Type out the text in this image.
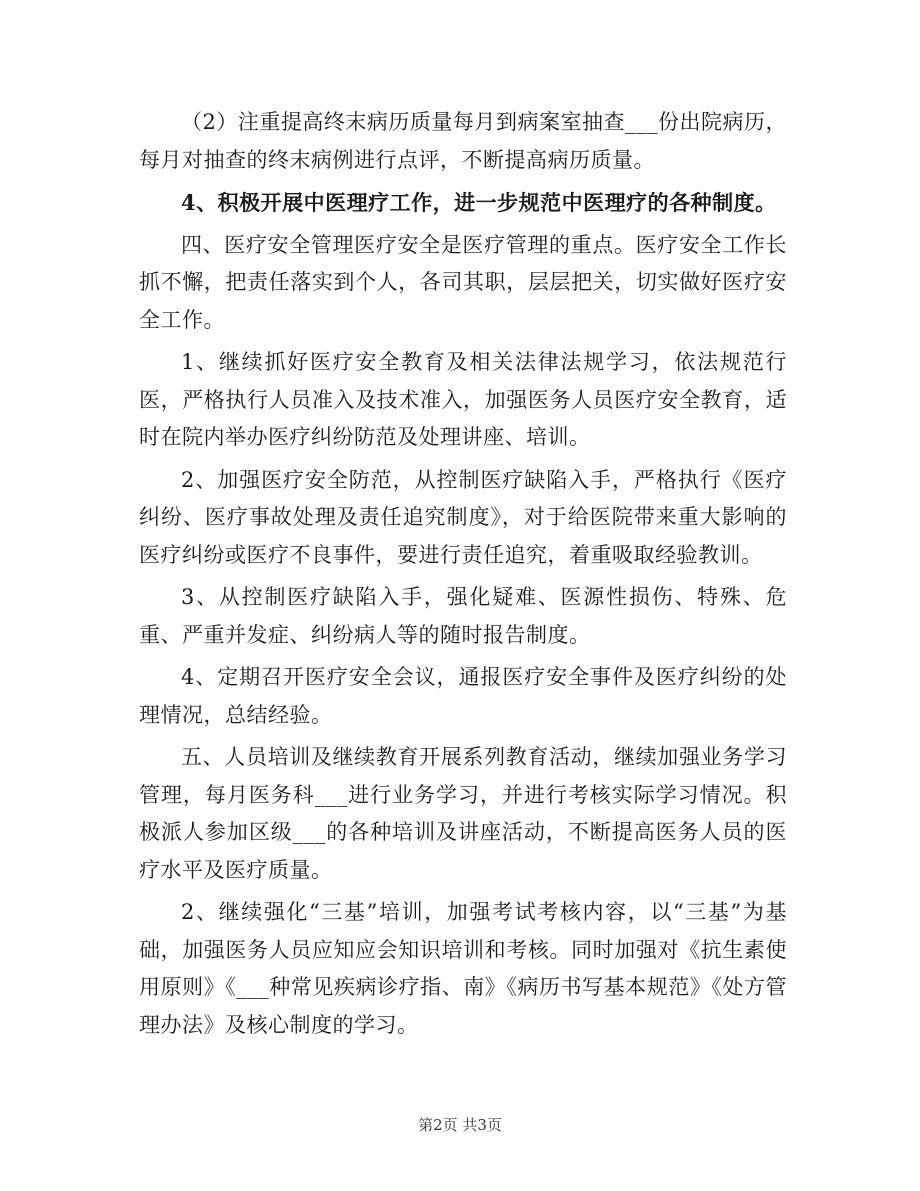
（2）注重提高终末病历质量每月到病案室抽查___份出院病历，每月对抽查的终末病例进行点评，不断提高病历质量。

4、积极开展中医理疗工作，进一步规范中医理疗的各种制度。

四、医疗安全管理医疗安全是医疗管理的重点。医疗安全工作长抓不懈，把责任落实到个人，各司其职，层层把关，切实做好医疗安全工作。

1、继续抓好医疗安全教育及相关法律法规学习，依法规范行医，严格执行人员准入及技术准入，加强医务人员医疗安全教育，适时在院内举办医疗纠纷防范及处理讲座、培训。

2、加强医疗安全防范，从控制医疗缺陷入手，严格执行《医疗纠纷、医疗事故处理及责任追究制度》，对于给医院带来重大影响的医疗纠纷或医疗不良事件，要进行责任追究，着重吸取经验教训。

3、从控制医疗缺陷入手，强化疑难、医源性损伤、特殊、危重、严重并发症、纠纷病人等的随时报告制度。

4、定期召开医疗安全会议，通报医疗安全事件及医疗纠纷的处理情况，总结经验。

五、人员培训及继续教育开展系列教育活动，继续加强业务学习管理，每月医务科___进行业务学习，并进行考核实际学习情况。积极派人参加区级___的各种培训及讲座活动，不断提高医务人员的医疗水平及医疗质量。

2、继续强化“三基”培训，加强考试考核内容，以“三基”为基础，加强医务人员应知应会知识培训和考核。同时加强对《抗生素使用原则》《___种常见疾病诊疗指、南》《病历书写基本规范》《处方管理办法》及核心制度的学习。

第2页 共3页
